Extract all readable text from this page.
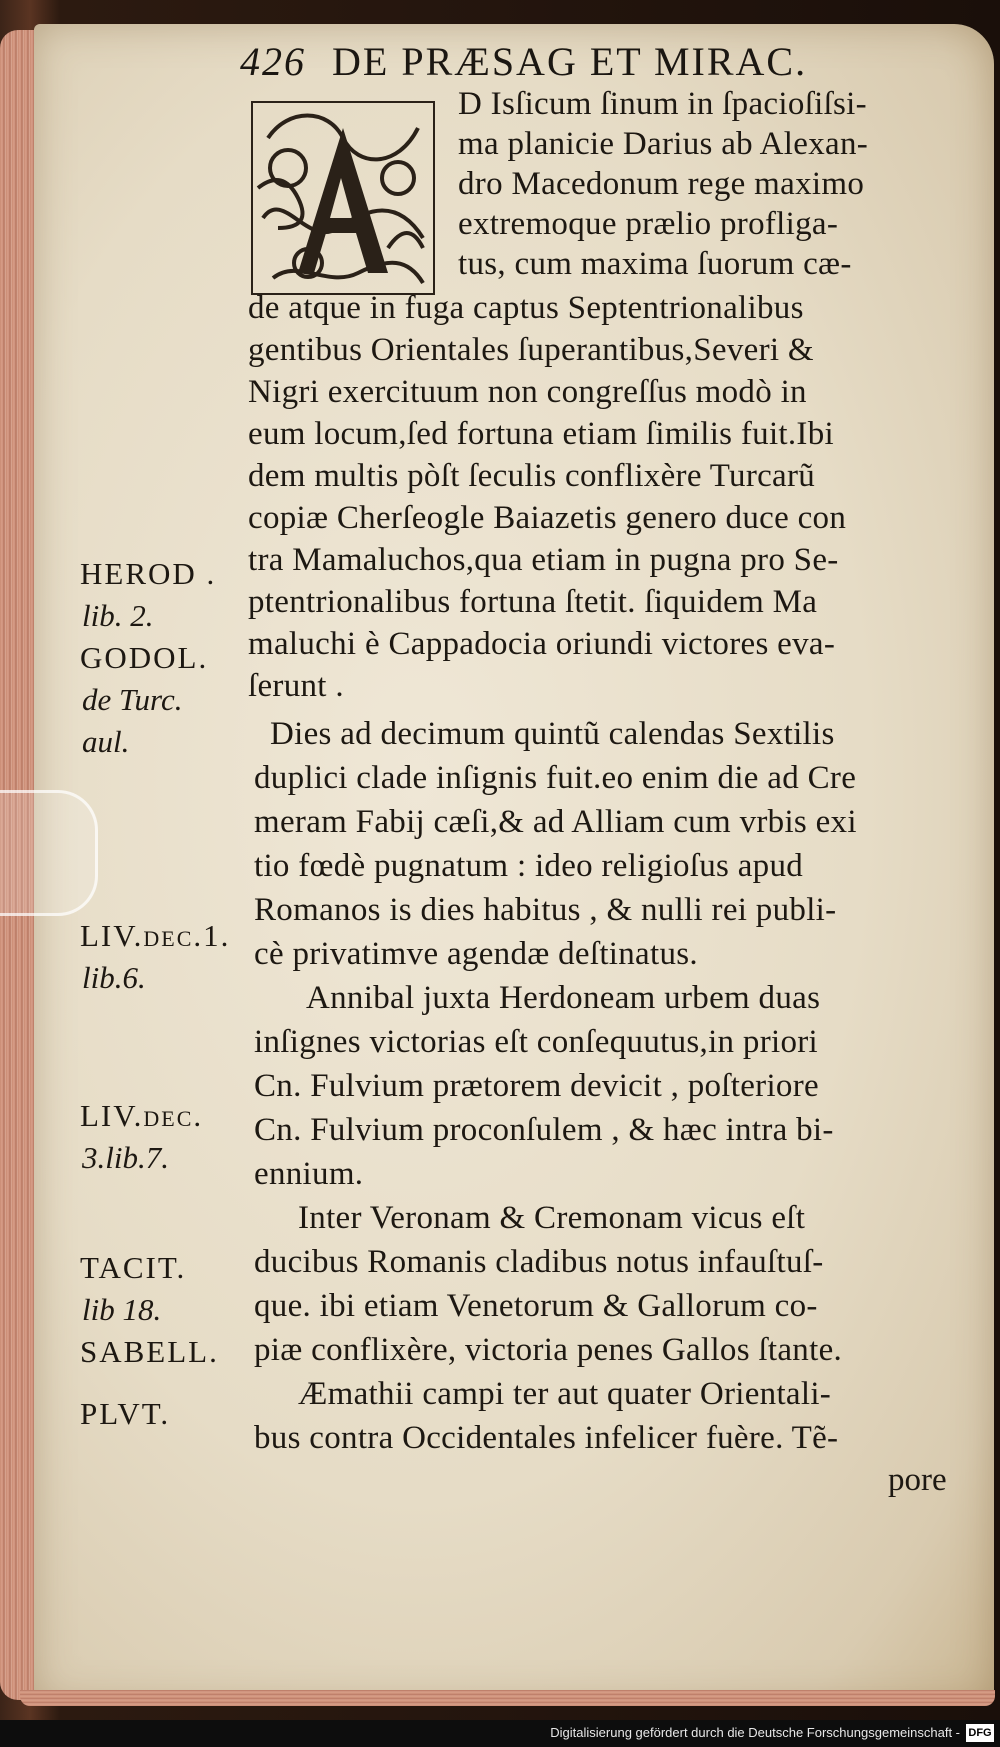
426 DE PRÆSAG ET MIRAC.
D Isſicum ſinum in ſpacioſiſsi-
ma planicie Darius ab Alexan-
dro Macedonum rege maximo
extremoque prælio profliga-
tus, cum maxima ſuorum cæ-
de atque in fuga captus Septentrionalibus
gentibus Orientales ſuperantibus,Severi &
Nigri exercituum non congreſſus modò in
eum locum,ſed fortuna etiam ſimilis fuit.Ibi
dem multis pòſt ſeculis conflixère Turcarũ
copiæ Cherſeogle Baiazetis genero duce con
tra Mamaluchos,qua etiam in pugna pro Se-
ptentrionalibus fortuna ſtetit. ſiquidem Ma
maluchi è Cappadocia oriundi victores eva-
ſerunt .
Dies ad decimum quintũ calendas Sextilis
duplici clade inſignis fuit.eo enim die ad Cre
meram Fabij cæſi,& ad Alliam cum vrbis exi
tio fœdè pugnatum : ideo religioſus apud
Romanos is dies habitus , & nulli rei publi-
cè privatimve agendæ deſtinatus.
Annibal juxta Herdoneam urbem duas
inſignes victorias eſt conſequutus,in priori
Cn. Fulvium prætorem devicit , poſteriore
Cn. Fulvium proconſulem , & hæc intra bi-
ennium.
Inter Veronam & Cremonam vicus eſt
ducibus Romanis cladibus notus infauſtuſ-
que. ibi etiam Venetorum & Gallorum co-
piæ conflixère, victoria penes Gallos ſtante.
Æmathii campi ter aut quater Orientali-
bus contra Occidentales infelicer fuère. Tẽ-
pore
HEROD .
lib. 2.
GODOL.
de Turc.
aul.
LIV.dec.1.
lib.6.
LIV.dec.
3.lib.7.
TACIT.
lib 18.
SABELL.
PLVT.
Digitalisierung gefördert durch die Deutsche Forschungsgemeinschaft - DFG
